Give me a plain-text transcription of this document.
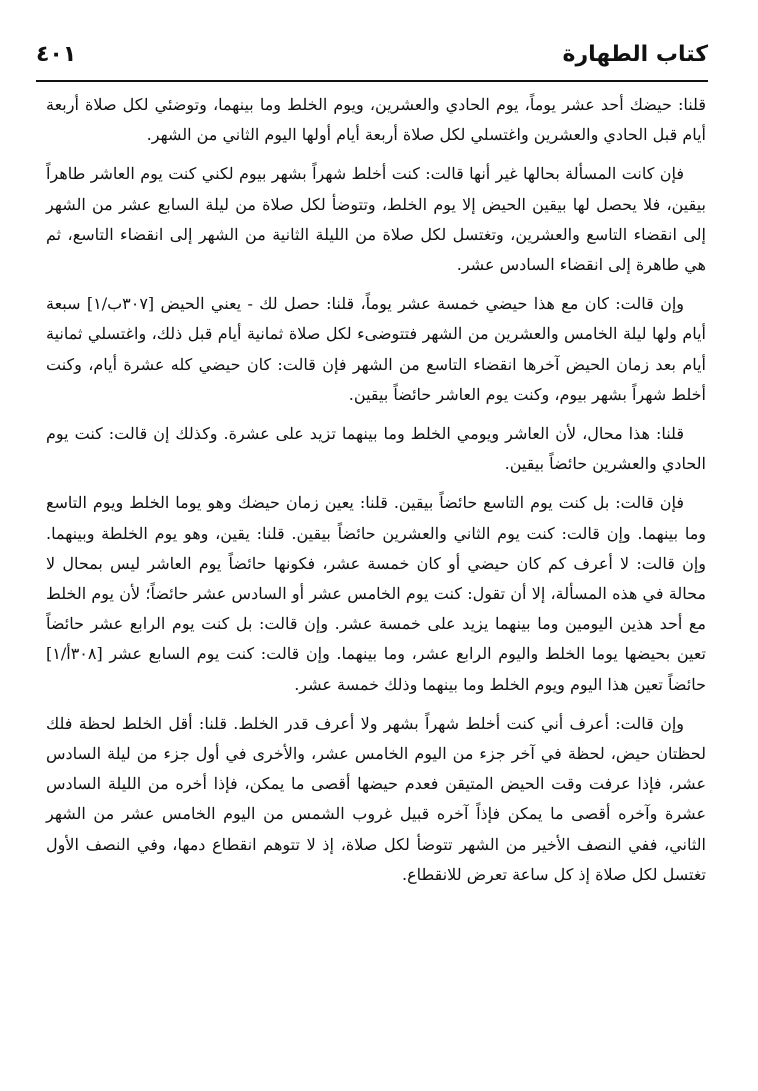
كتاب الطهارة
٤٠١

قلنا: حيضك أحد عشر يوماً، يوم الحادي والعشرين، ويوم الخلط وما بينهما، وتوضئي لكل صلاة أربعة أيام قبل الحادي والعشرين واغتسلي لكل صلاة أربعة أيام أولها اليوم الثاني من الشهر.

فإن كانت المسألة بحالها غير أنها قالت: كنت أخلط شهراً بشهر بيوم لكني كنت يوم العاشر طاهراً بيقين، فلا يحصل لها بيقين الحيض إلا يوم الخلط، وتتوضأ لكل صلاة من ليلة السابع عشر من الشهر إلى انقضاء التاسع والعشرين، وتغتسل لكل صلاة من الليلة الثانية من الشهر إلى انقضاء التاسع، ثم هي طاهرة إلى انقضاء السادس عشر.

وإن قالت: كان مع هذا حيضي خمسة عشر يوماً، قلنا: حصل لك - يعني الحيض [٣٠٧ب/١] سبعة أيام ولها ليلة الخامس والعشرين من الشهر فتتوضىء لكل صلاة ثمانية أيام قبل ذلك، واغتسلي ثمانية أيام بعد زمان الحيض آخرها انقضاء التاسع من الشهر فإن قالت: كان حيضي كله عشرة أيام، وكنت أخلط شهراً بشهر بيوم، وكنت يوم العاشر حائضاً بيقين.

قلنا: هذا محال، لأن العاشر ويومي الخلط وما بينهما تزيد على عشرة. وكذلك إن قالت: كنت يوم الحادي والعشرين حائضاً بيقين.

فإن قالت: بل كنت يوم التاسع حائضاً بيقين. قلنا: يعين زمان حيضك وهو يوما الخلط ويوم التاسع وما بينهما. وإن قالت: كنت يوم الثاني والعشرين حائضاً بيقين. قلنا: يقين، وهو يوم الخلطة وبينهما. وإن قالت: لا أعرف كم كان حيضي أو كان خمسة عشر، فكونها حائضاً يوم العاشر ليس بمحال لا محالة في هذه المسألة، إلا أن تقول: كنت يوم الخامس عشر أو السادس عشر حائضاً؛ لأن يوم الخلط مع أحد هذين اليومين وما بينهما يزيد على خمسة عشر. وإن قالت: بل كنت يوم الرابع عشر حائضاً تعين بحيضها يوما الخلط واليوم الرابع عشر، وما بينهما. وإن قالت: كنت يوم السابع عشر [٣٠٨أ/١] حائضاً تعين هذا اليوم ويوم الخلط وما بينهما وذلك خمسة عشر.

وإن قالت: أعرف أني كنت أخلط شهراً بشهر ولا أعرف قدر الخلط. قلنا: أقل الخلط لحظة فلك لحظتان حيض، لحظة في آخر جزء من اليوم الخامس عشر، والأخرى في أول جزء من ليلة السادس عشر، فإذا عرفت وقت الحيض المتيقن فعدم حيضها أقصى ما يمكن، فإذا أخره من الليلة السادس عشرة وآخره أقصى ما يمكن فإذاً آخره قبيل غروب الشمس من اليوم الخامس عشر من الشهر الثاني، ففي النصف الأخير من الشهر تتوضأ لكل صلاة، إذ لا تتوهم انقطاع دمها، وفي النصف الأول تغتسل لكل صلاة إذ كل ساعة تعرض للانقطاع.
